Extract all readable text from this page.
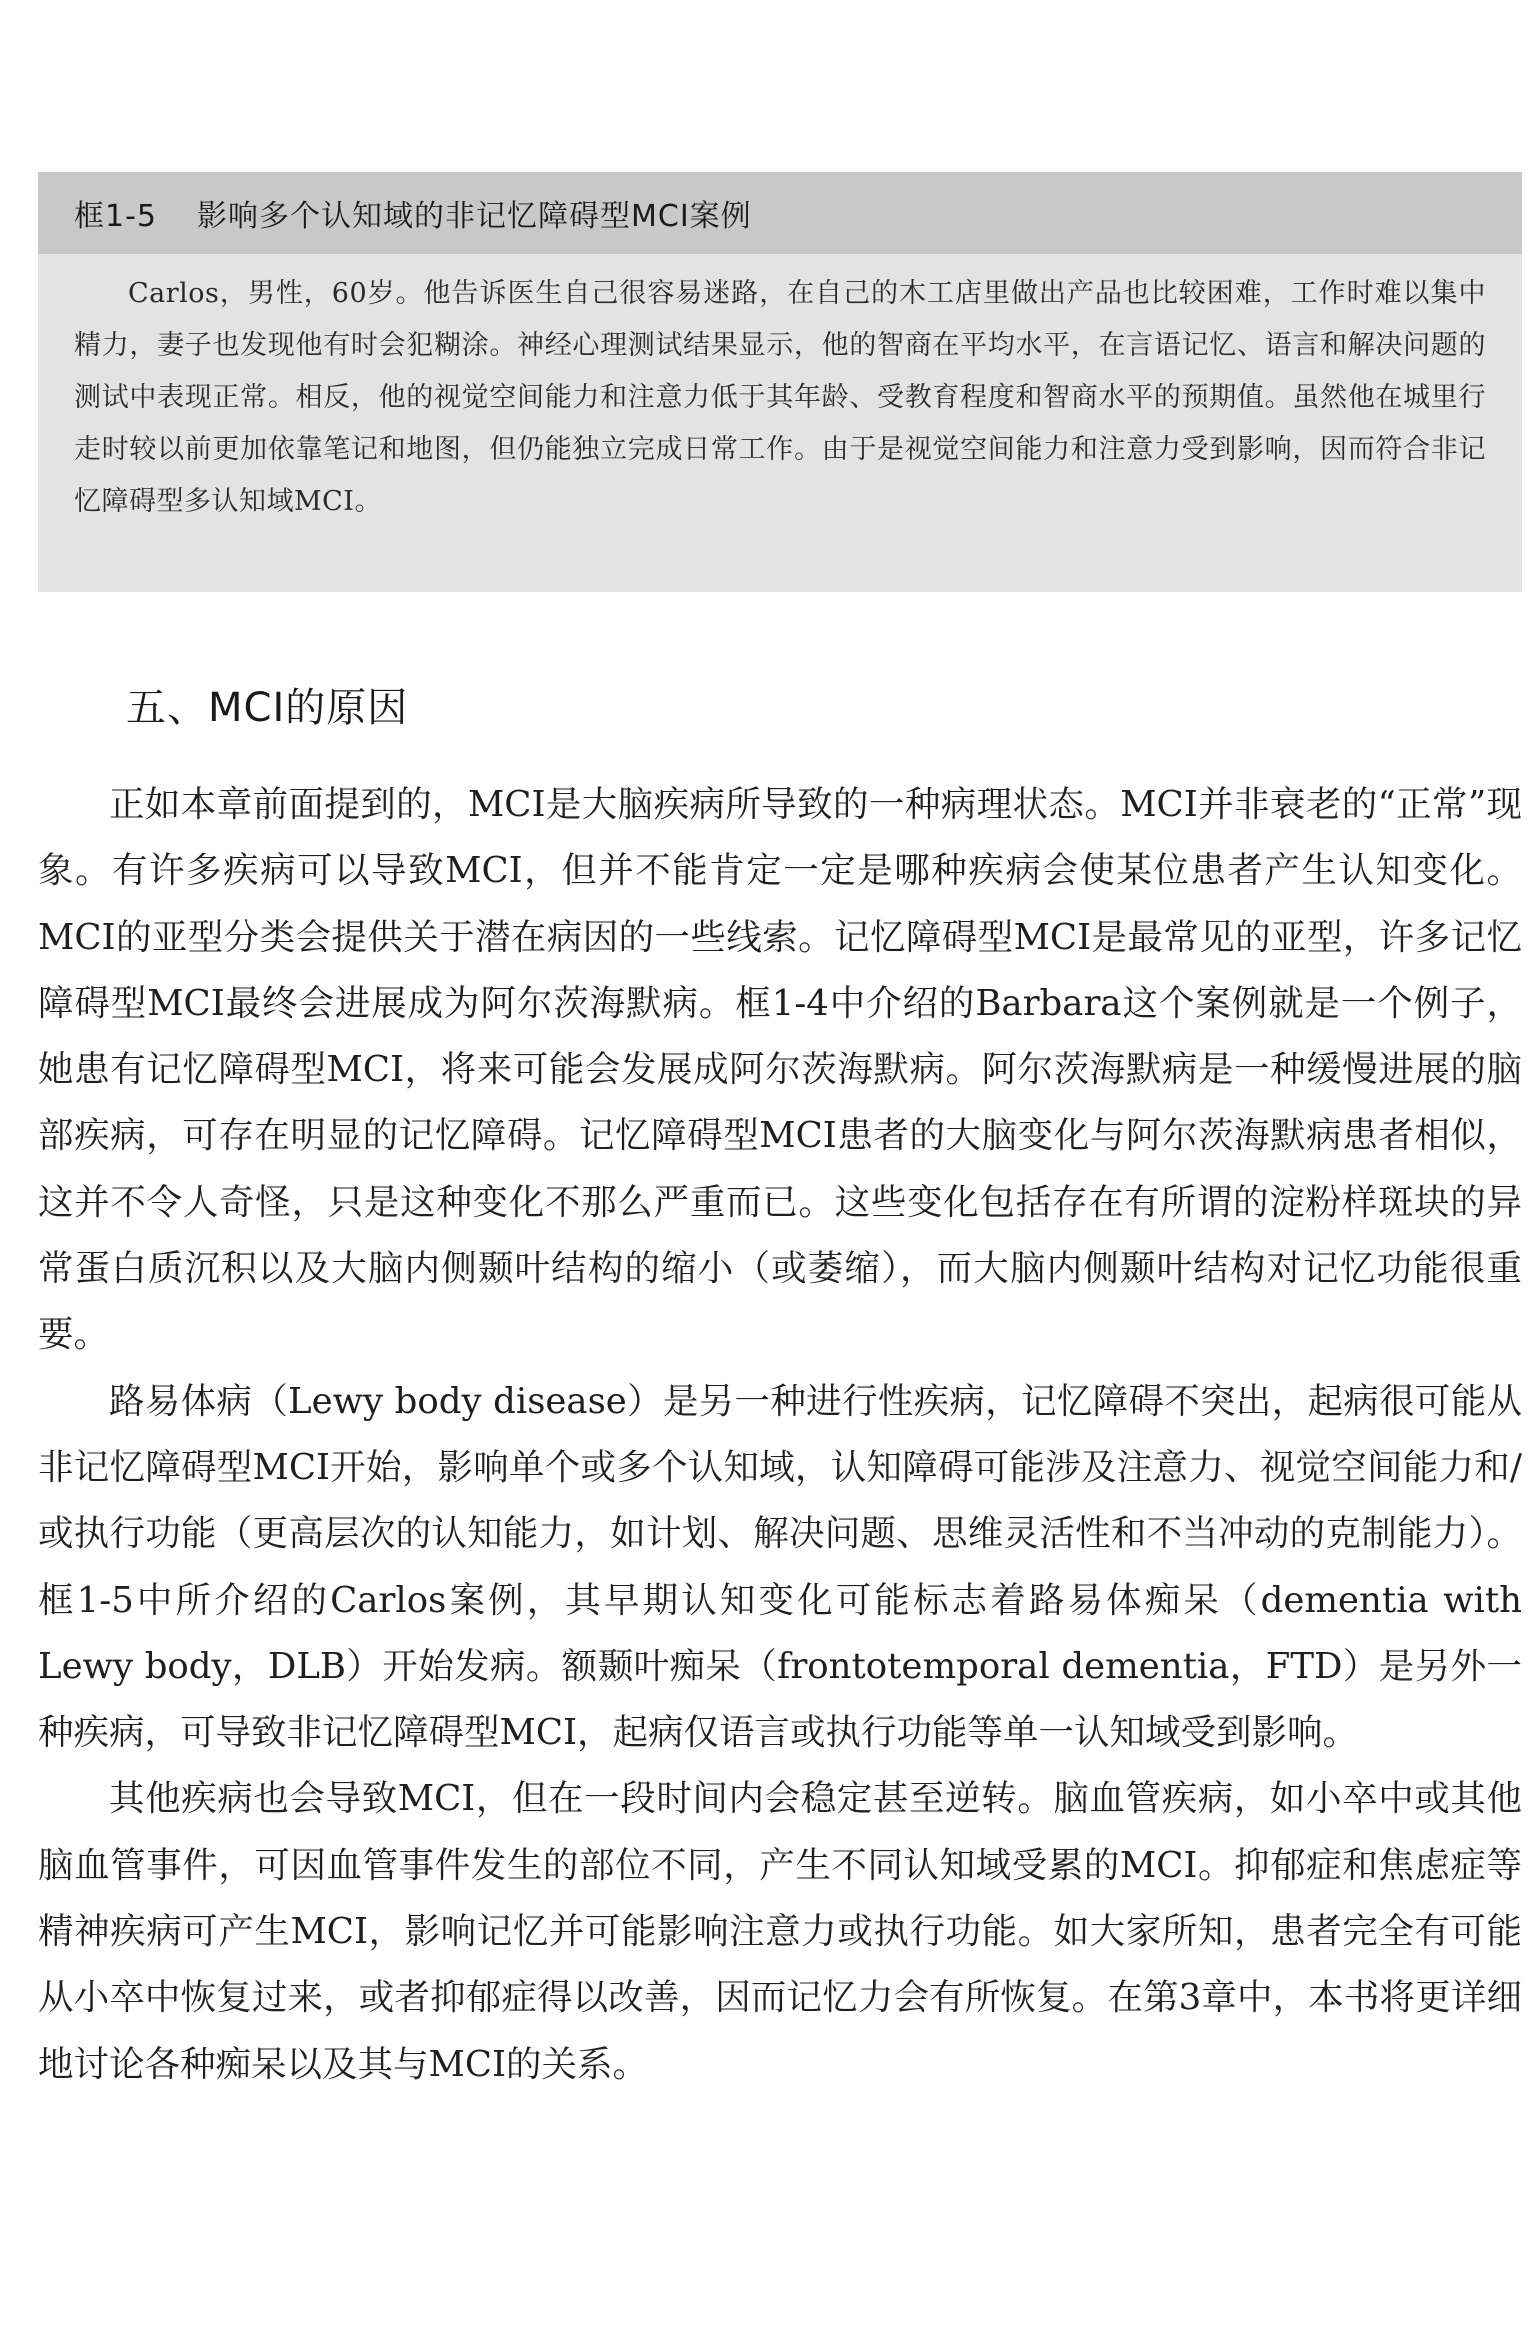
框1-5 影响多个认知域的非记忆障碍型MCI案例
Carlos，男性，60岁。他告诉医生自己很容易迷路，在自己的木工店里做出产品也比较困难，工作时难以集中精力，妻子也发现他有时会犯糊涂。神经心理测试结果显示，他的智商在平均水平，在言语记忆、语言和解决问题的测试中表现正常。相反，他的视觉空间能力和注意力低于其年龄、受教育程度和智商水平的预期值。虽然他在城里行走时较以前更加依靠笔记和地图，但仍能独立完成日常工作。由于是视觉空间能力和注意力受到影响，因而符合非记忆障碍型多认知域MCI。
五、MCI的原因

正如本章前面提到的，MCI是大脑疾病所导致的一种病理状态。MCI并非衰老的“正常”现象。有许多疾病可以导致MCI，但并不能肯定一定是哪种疾病会使某位患者产生认知变化。MCI的亚型分类会提供关于潜在病因的一些线索。记忆障碍型MCI是最常见的亚型，许多记忆障碍型MCI最终会进展成为阿尔茨海默病。框1-4中介绍的Barbara这个案例就是一个例子，她患有记忆障碍型MCI，将来可能会发展成阿尔茨海默病。阿尔茨海默病是一种缓慢进展的脑部疾病，可存在明显的记忆障碍。记忆障碍型MCI患者的大脑变化与阿尔茨海默病患者相似，这并不令人奇怪，只是这种变化不那么严重而已。这些变化包括存在有所谓的淀粉样斑块的异常蛋白质沉积以及大脑内侧颞叶结构的缩小（或萎缩），而大脑内侧颞叶结构对记忆功能很重要。

路易体病（Lewy body disease）是另一种进行性疾病，记忆障碍不突出，起病很可能从非记忆障碍型MCI开始，影响单个或多个认知域，认知障碍可能涉及注意力、视觉空间能力和/或执行功能（更高层次的认知能力，如计划、解决问题、思维灵活性和不当冲动的克制能力）。框1-5中所介绍的Carlos案例，其早期认知变化可能标志着路易体痴呆（dementia with Lewy body，DLB）开始发病。额颞叶痴呆（frontotemporal dementia，FTD）是另外一种疾病，可导致非记忆障碍型MCI，起病仅语言或执行功能等单一认知域受到影响。

其他疾病也会导致MCI，但在一段时间内会稳定甚至逆转。脑血管疾病，如小卒中或其他脑血管事件，可因血管事件发生的部位不同，产生不同认知域受累的MCI。抑郁症和焦虑症等精神疾病可产生MCI，影响记忆并可能影响注意力或执行功能。如大家所知，患者完全有可能从小卒中恢复过来，或者抑郁症得以改善，因而记忆力会有所恢复。在第3章中，本书将更详细地讨论各种痴呆以及其与MCI的关系。
